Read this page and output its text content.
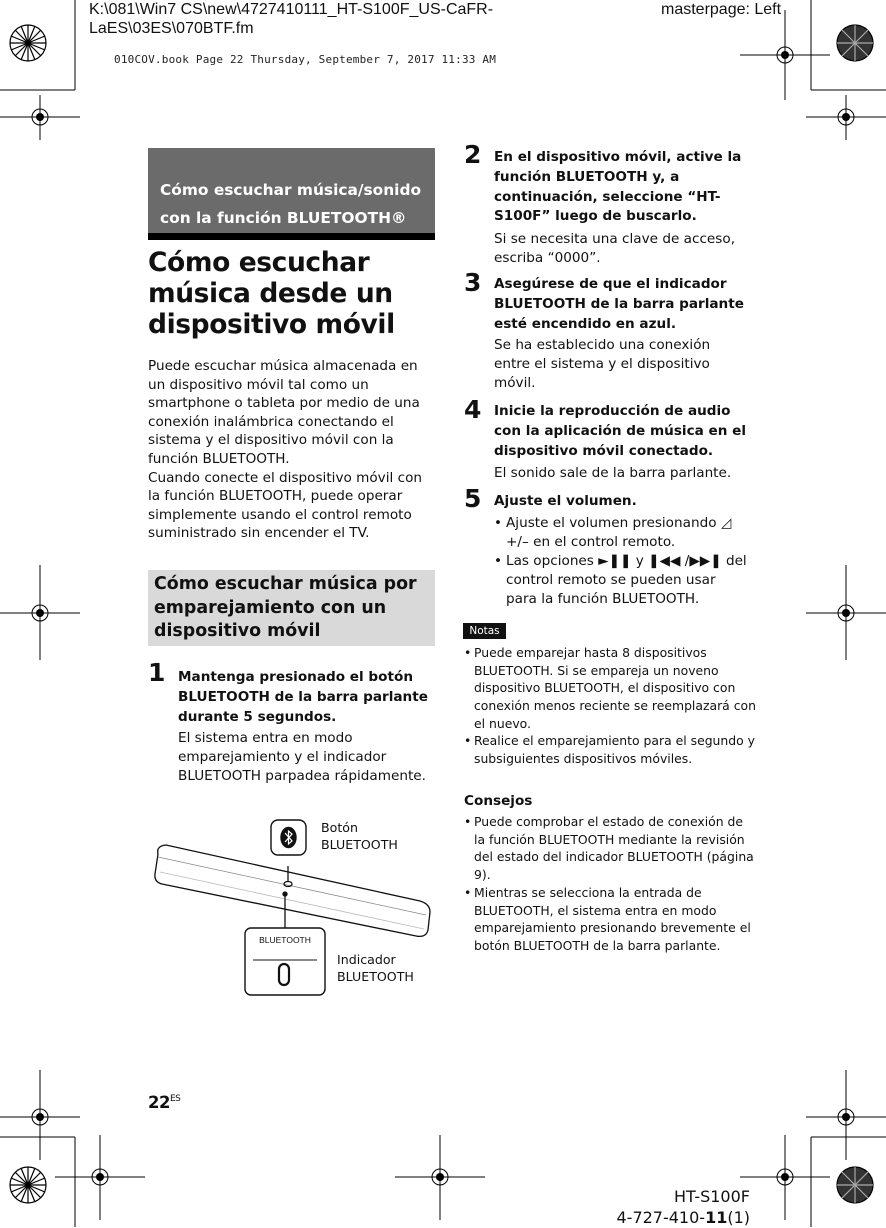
K:\081\Win7 CS\new\4727410111_HT-S100F_US-CaFR-
LaES\03ES\070BTF.fm
masterpage: Left
010COV.book Page 22 Thursday, September 7, 2017 11:33 AM
Cómo escuchar música/sonido con la función BLUETOOTH®
Cómo escuchar música desde un dispositivo móvil
Puede escuchar música almacenada en un dispositivo móvil tal como un smartphone o tableta por medio de una conexión inalámbrica conectando el sistema y el dispositivo móvil con la función BLUETOOTH.
Cuando conecte el dispositivo móvil con la función BLUETOOTH, puede operar simplemente usando el control remoto suministrado sin encender el TV.
Cómo escuchar música por emparejamiento con un dispositivo móvil
1 Mantenga presionado el botón BLUETOOTH de la barra parlante durante 5 segundos.
El sistema entra en modo emparejamiento y el indicador BLUETOOTH parpadea rápidamente.
BLUETOOTH
Botón BLUETOOTH
Indicador BLUETOOTH
2 En el dispositivo móvil, active la función BLUETOOTH y, a continuación, seleccione “HT-S100F” luego de buscarlo.
Si se necesita una clave de acceso, escriba “0000”.
3 Asegúrese de que el indicador BLUETOOTH de la barra parlante esté encendido en azul.
Se ha establecido una conexión entre el sistema y el dispositivo móvil.
4 Inicie la reproducción de audio con la aplicación de música en el dispositivo móvil conectado.
El sonido sale de la barra parlante.
5 Ajuste el volumen.
• Ajuste el volumen presionando ◿ +/– en el control remoto.
• Las opciones ►❚❚ y ❚◀◀ /▶▶❚ del control remoto se pueden usar para la función BLUETOOTH.
Notas
• Puede emparejar hasta 8 dispositivos BLUETOOTH. Si se empareja un noveno dispositivo BLUETOOTH, el dispositivo con conexión menos reciente se reemplazará con el nuevo.
• Realice el emparejamiento para el segundo y subsiguientes dispositivos móviles.
Consejos
• Puede comprobar el estado de conexión de la función BLUETOOTH mediante la revisión del estado del indicador BLUETOOTH (página 9).
• Mientras se selecciona la entrada de BLUETOOTH, el sistema entra en modo emparejamiento presionando brevemente el botón BLUETOOTH de la barra parlante.
$22^{ES}$
HT-S100F
4-727-410-11(1)
